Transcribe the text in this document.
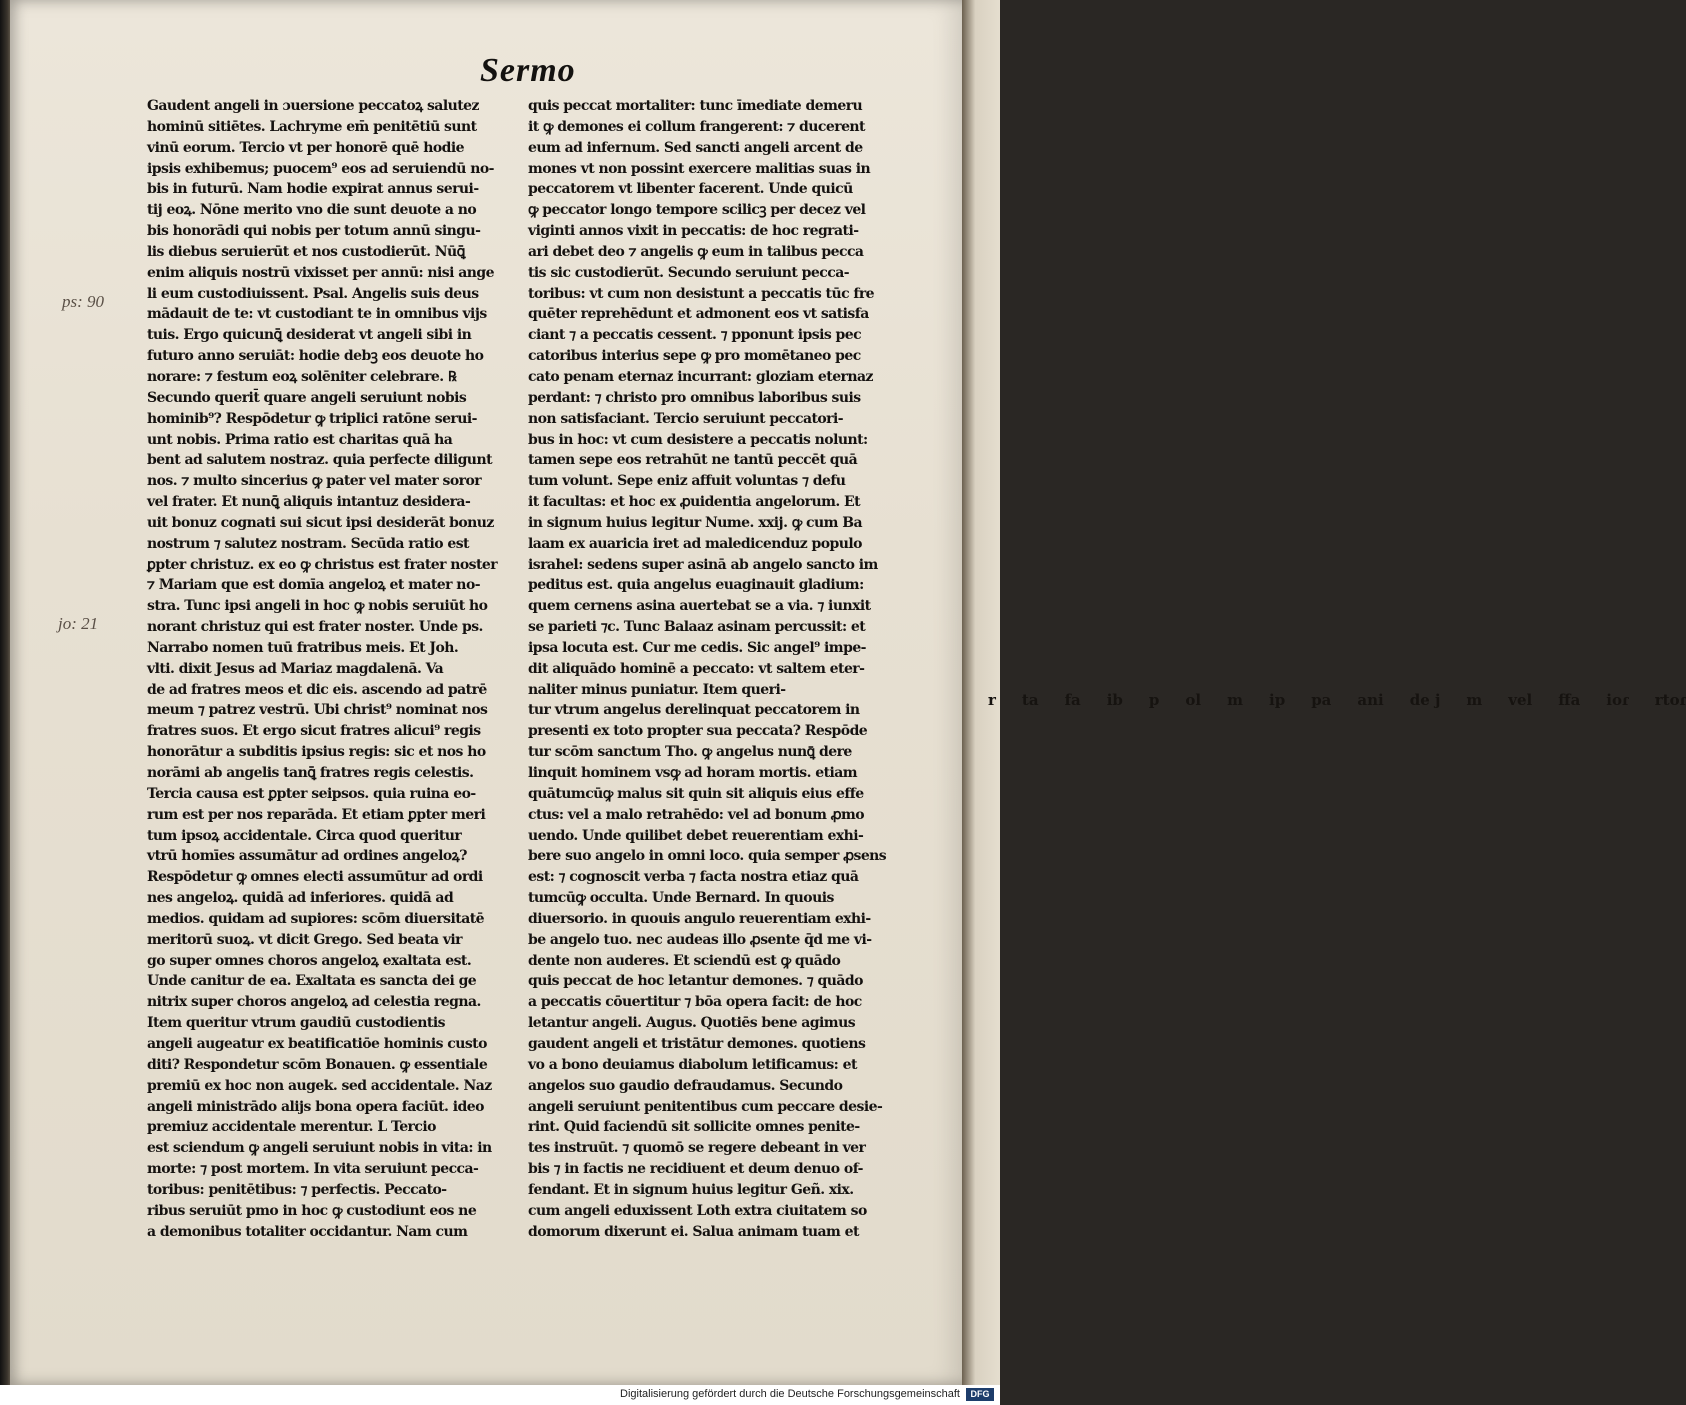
Sermo
ps: 90
jo: 21
Gaudent angeli in ɔuersione peccatoꝝ salutez
hominū sitiētes. Lachryme em̄ penitētiū sunt
vinū eorum. Tercio vt per honorē quē hodie
ipsis exhibemus; puocem⁹ eos ad seruiendū no-
bis in futurū. Nam hodie expirat annus serui-
tij eoꝝ. Nōne merito vno die sunt deuote a no
bis honorādi qui nobis per totum annū singu-
lis diebus seruierūt et nos custodierūt. Nūꝗ̄
enim aliquis nostrū vixisset per annū: nisi ange
li eum custodiuissent. Psal. Angelis suis deus
mādauit de te: vt custodiant te in omnibus vijs
tuis. Ergo quicunꝗ̄ desiderat vt angeli sibi in
futuro anno seruiāt: hodie debꝫ eos deuote ho
norare: ⁊ festum eoꝝ solēniter celebrare. ℞
Secundo querit̄ quare angeli seruiunt nobis
hominib⁹? Respōdetur ꝙ triplici ratōne serui-
unt nobis. Prima ratio est charitas quā ha
bent ad salutem nostraz. quia perfecte diligunt
nos. ⁊ multo sincerius ꝙ pater vel mater soror
vel frater. Et nunꝗ̄ aliquis intantuz desidera-
uit bonuz cognati sui sicut ipsi desiderāt bonuz
nostrum ⁊ salutez nostram. Secūda ratio est
ꝑpter christuz. ex eo ꝙ christus est frater noster
⁊ Mariam que est domīa angeloꝝ et mater no-
stra. Tunc ipsi angeli in hoc ꝙ nobis seruiūt ho
norant christuz qui est frater noster. Unde ps.
Narrabo nomen tuū fratribus meis. Et Joh.
vlti. dixit Jesus ad Mariaz magdalenā. Va
de ad fratres meos et dic eis. ascendo ad patrē
meum ⁊ patrez vestrū. Ubi christ⁹ nominat nos
fratres suos. Et ergo sicut fratres alicui⁹ regis
honorātur a subditis ipsius regis: sic et nos ho
norāmi ab angelis tanꝗ̄ fratres regis celestis.
Tercia causa est ꝑpter seipsos. quia ruina eo-
rum est per nos reparāda. Et etiam ꝑpter meri
tum ipsoꝝ accidentale. Circa quod queritur
vtrū homīes assumātur ad ordines angeloꝝ?
Respōdetur ꝙ omnes electi assumūtur ad ordi
nes angeloꝝ. quidā ad inferiores. quidā ad
medios. quidam ad supiores: scōm diuersitatē
meritorū suoꝝ. vt dicit Grego. Sed beata vir
go super omnes choros angeloꝝ exaltata est.
Unde canitur de ea. Exaltata es sancta dei ge
nitrix super choros angeloꝝ ad celestia regna.
Item queritur vtrum gaudiū custodientis
angeli augeatur ex beatificatiōe hominis custo
diti? Respondetur scōm Bonauen. ꝙ essentiale
premiū ex hoc non augek. sed accidentale. Naz
angeli ministrādo alijs bona opera faciūt. ideo
premiuz accidentale merentur. L Tercio
est sciendum ꝙ angeli seruiunt nobis in vita: in
morte: ⁊ post mortem. In vita seruiunt pecca-
toribus: penitētibus: ⁊ perfectis. Peccato-
ribus seruiūt pmo in hoc ꝙ custodiunt eos ne
a demonibus totaliter occidantur. Nam cum
quis peccat mortaliter: tunc īmediate demeru
it ꝙ demones ei collum frangerent: ⁊ ducerent
eum ad infernum. Sed sancti angeli arcent de
mones vt non possint exercere malitias suas in
peccatorem vt libenter facerent. Unde quicū
ꝙ peccator longo tempore scilicꝫ per decez vel
viginti annos vixit in peccatis: de hoc regrati-
ari debet deo ⁊ angelis ꝙ eum in talibus pecca
tis sic custodierūt. Secundo seruiunt pecca-
toribus: vt cum non desistunt a peccatis tūc fre
quēter reprehēdunt et admonent eos vt satisfa
ciant ⁊ a peccatis cessent. ⁊ pponunt ipsis pec
catoribus interius sepe ꝙ pro momētaneo pec
cato penam eternaz incurrant: gloziam eternaz
perdant: ⁊ christo pro omnibus laboribus suis
non satisfaciant. Tercio seruiunt peccatori-
bus in hoc: vt cum desistere a peccatis nolunt:
tamen sepe eos retrahūt ne tantū peccēt quā
tum volunt. Sepe eniz affuit voluntas ⁊ defu
it facultas: et hoc ex ꝓuidentia angelorum. Et
in signum huius legitur Nume. xxij. ꝙ cum Ba
laam ex auaricia iret ad maledicenduz populo
israhel: sedens super asinā ab angelo sancto im
peditus est. quia angelus euaginauit gladium:
quem cernens asina auertebat se a via. ⁊ iunxit
se parieti ⁊c. Tunc Balaaz asinam percussit: et
ipsa locuta est. Cur me cedis. Sic angel⁹ impe-
dit aliquādo hominē a peccato: vt saltem eter-
naliter minus puniatur. Item queri-
tur vtrum angelus derelinquat peccatorem in
presenti ex toto propter sua peccata? Respōde
tur scōm sanctum Tho. ꝙ angelus nunꝗ̄ dere
linquit hominem vsꝙ ad horam mortis. etiam
quātumcūꝙ malus sit quin sit aliquis eius effe
ctus: vel a malo retrahēdo: vel ad bonum ꝓmo
uendo. Unde quilibet debet reuerentiam exhi-
bere suo angelo in omni loco. quia semper ꝓsens
est: ⁊ cognoscit verba ⁊ facta nostra etiaz quā
tumcūꝙ occulta. Unde Bernard. In quouis
diuersorio. in quouis angulo reuerentiam exhi-
be angelo tuo. nec audeas illo ꝓsente q̄d me vi-
dente non auderes. Et sciendū est ꝙ quādo
quis peccat de hoc letantur demones. ⁊ quādo
a peccatis cōuertitur ⁊ bōa opera facit: de hoc
letantur angeli. Augus. Quotiēs bene agimus
gaudent angeli et tristātur demones. quotiens
vo a bono deuiamus diabolum letificamus: et
angelos suo gaudio defraudamus. Secundo
angeli seruiunt penitentibus cum peccare desie-
rint. Quid faciendū sit sollicite omnes penite-
tes instruūt. ⁊ quomō se regere debeant in ver
bis ⁊ in factis ne recidiuent et deum denuo of-
fendant. Et in signum huius legitur Geñ. xix.
cum angeli eduxissent Loth extra ciuitatem so
domorum dixerunt ei. Salua animam tuam et
r ta fa ib p ol m ip pa ani de j m vel ffa ioɾ rtoɾ
Digitalisierung gefördert durch die Deutsche Forschungsgemeinschaft	DFG
